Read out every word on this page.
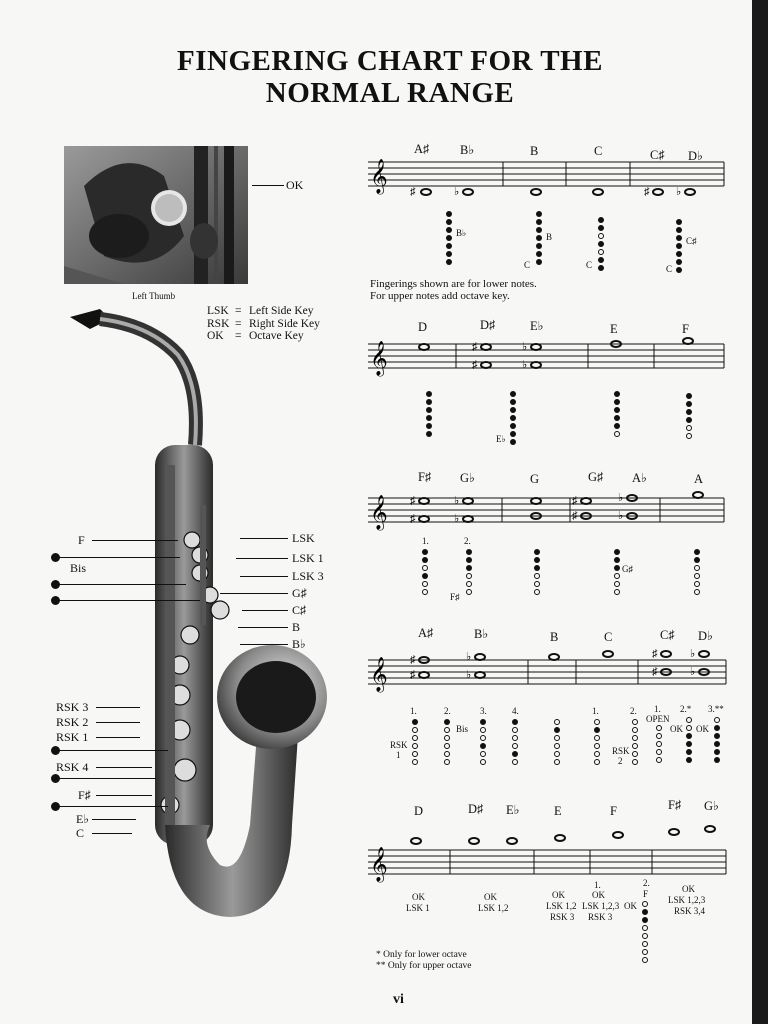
FINGERING CHART FOR THE
NORMAL RANGE
OK
Left Thumb
LSK = Left Side Key
RSK = Right Side Key
OK = Octave Key
F
Bis
RSK 3
RSK 2
RSK 1
RSK 4
F♯
E♭
C
LSK
LSK 1
LSK 3
G♯
C♯
B
B♭
𝄞 ♯	♭	♯ ♭
𝄞	♯
♯
♭
♭
𝄞 ♯
♯
♭
♭
♯
♯
♭
♭
𝄞 ♯
♯
♭
♭
♯
♯
♭
♭
𝄞
A♯ B♭	B	C	C♯ D♭
D	D♯	E♭	E	F
F♯ G♭	G	G♯ A♭	A
A♯	B♭	B	C	C♯ D♭
D	D♯ E♭	E	F	F♯ G♭
Fingerings shown are for lower notes.
For upper notes add octave key.
B♭	B
C	C
C♯
C
E♭
1.	2.
F♯
G♯
1.
RSK
1
2.
Bis
3.	4.	1.	2.
RSK
2
1.
OPEN
2.*
OK
3.**
OK
OK
LSK 1
OK
LSK 1,2
OK
LSK 1,2
RSK 3
1.
OK
LSK 1,2,3
RSK 3
OK
2.
F	OK
LSK 1,2,3
RSK 3,4
* Only for lower octave
** Only for upper octave
vi
